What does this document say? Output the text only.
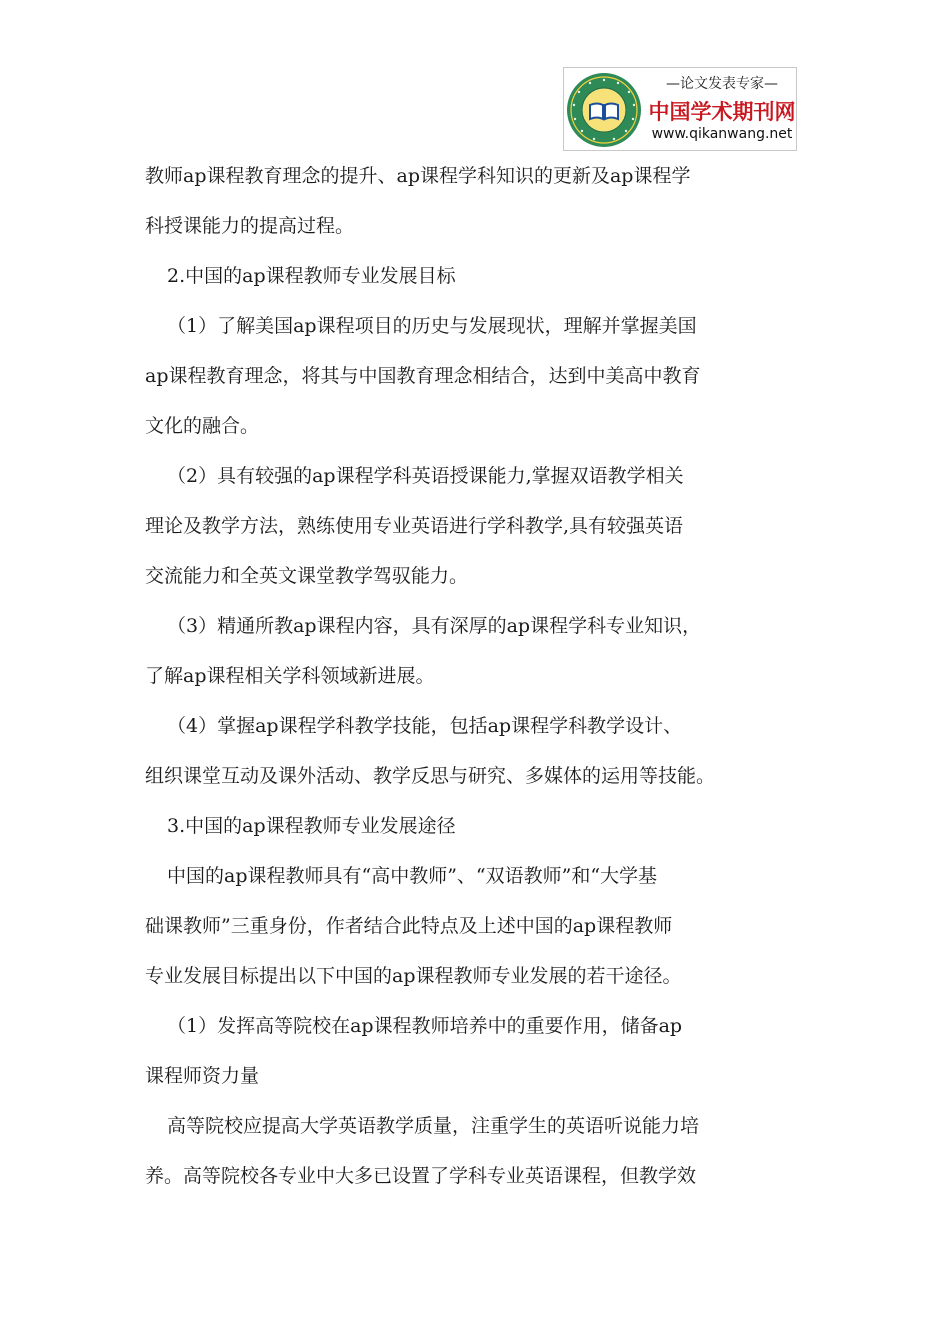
—论文发表专家—
中国学术期刊网
www.qikanwang.net
教师ap课程教育理念的提升、ap课程学科知识的更新及ap课程学
科授课能力的提高过程。
2.中国的ap课程教师专业发展目标
（1）了解美国ap课程项目的历史与发展现状，理解并掌握美国
ap课程教育理念，将其与中国教育理念相结合，达到中美高中教育
文化的融合。
（2）具有较强的ap课程学科英语授课能力,掌握双语教学相关
理论及教学方法，熟练使用专业英语进行学科教学,具有较强英语
交流能力和全英文课堂教学驾驭能力。
（3）精通所教ap课程内容，具有深厚的ap课程学科专业知识，
了解ap课程相关学科领域新进展。
（4）掌握ap课程学科教学技能，包括ap课程学科教学设计、
组织课堂互动及课外活动、教学反思与研究、多媒体的运用等技能。
3.中国的ap课程教师专业发展途径
中国的ap课程教师具有“高中教师”、“双语教师”和“大学基
础课教师”三重身份，作者结合此特点及上述中国的ap课程教师
专业发展目标提出以下中国的ap课程教师专业发展的若干途径。
（1）发挥高等院校在ap课程教师培养中的重要作用，储备ap
课程师资力量
高等院校应提高大学英语教学质量，注重学生的英语听说能力培
养。高等院校各专业中大多已设置了学科专业英语课程，但教学效
